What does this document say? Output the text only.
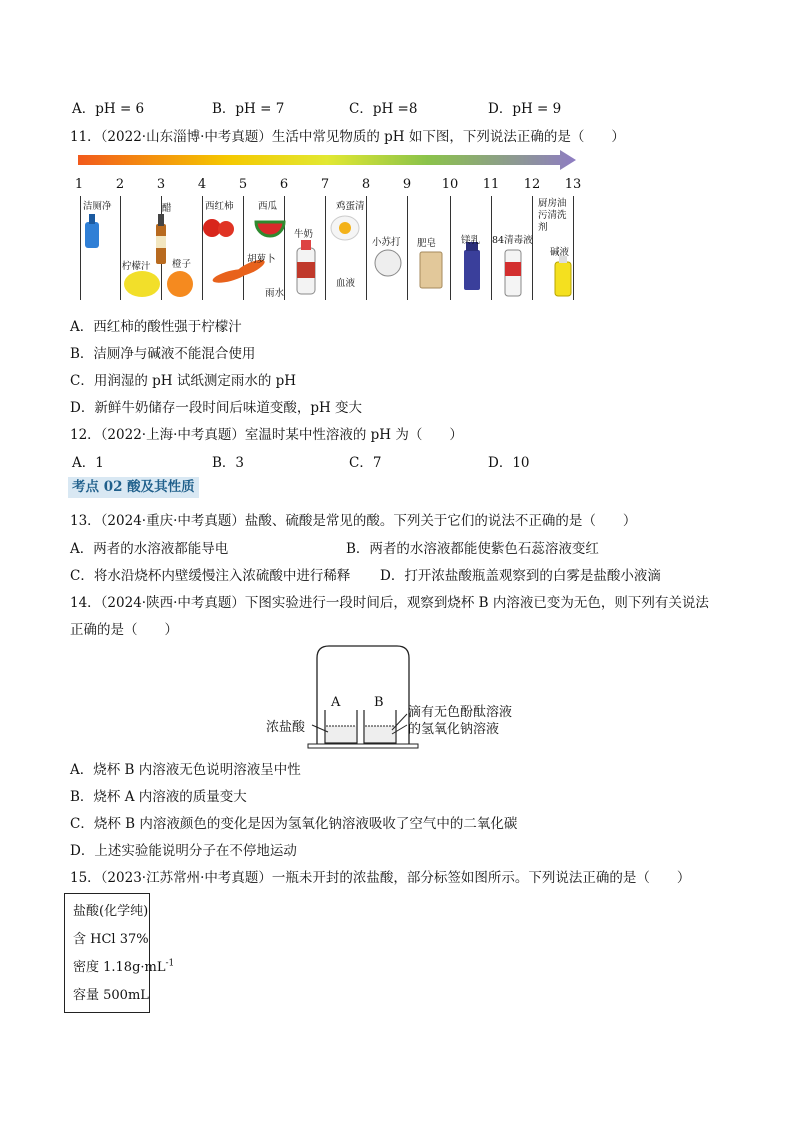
A．pH = 6	B．pH = 7	C．pH =8	D．pH = 9
11．（2022·山东淄博·中考真题）生活中常见物质的 pH 如下图，下列说法正确的是（　　）
1	2	3	4	5	6	7	8	9	10 11 12 13
洁厕净
柠檬汁
醋
橙子
西红柿	西瓜
胡萝卜
雨水
牛奶
鸡蛋清
血液
小苏打 肥皂	镁乳 84清毒液
厨房油
污清洗
剂
碱液
A．西红柿的酸性强于柠檬汁
B．洁厕净与碱液不能混合使用
C．用润湿的 pH 试纸测定雨水的 pH
D．新鲜牛奶储存一段时间后味道变酸，pH 变大
12．（2022·上海·中考真题）室温时某中性溶液的 pH 为（　　）
A．1	B．3	C．7	D．10
考点 02 酸及其性质
13．（2024·重庆·中考真题）盐酸、硫酸是常见的酸。下列关于它们的说法不正确的是（　　）
A．两者的水溶液都能导电	B．两者的水溶液都能使紫色石蕊溶液变红
C．将水沿烧杯内壁缓慢注入浓硫酸中进行稀释 D．打开浓盐酸瓶盖观察到的白雾是盐酸小液滴
14．（2024·陕西·中考真题）下图实验进行一段时间后，观察到烧杯 B 内溶液已变为无色，则下列有关说法
正确的是（　　）
A	B
浓盐酸
滴有无色酚酞溶液
的氢氧化钠溶液
A．烧杯 B 内溶液无色说明溶液呈中性
B．烧杯 A 内溶液的质量变大
C．烧杯 B 内溶液颜色的变化是因为氢氧化钠溶液吸收了空气中的二氧化碳
D．上述实验能说明分子在不停地运动
15．（2023·江苏常州·中考真题）一瓶未开封的浓盐酸，部分标签如图所示。下列说法正确的是（　　）
盐酸(化学纯)
含 HCl 37%
密度 $1.18g\cdot mL^{-1}$
容量 500mL
